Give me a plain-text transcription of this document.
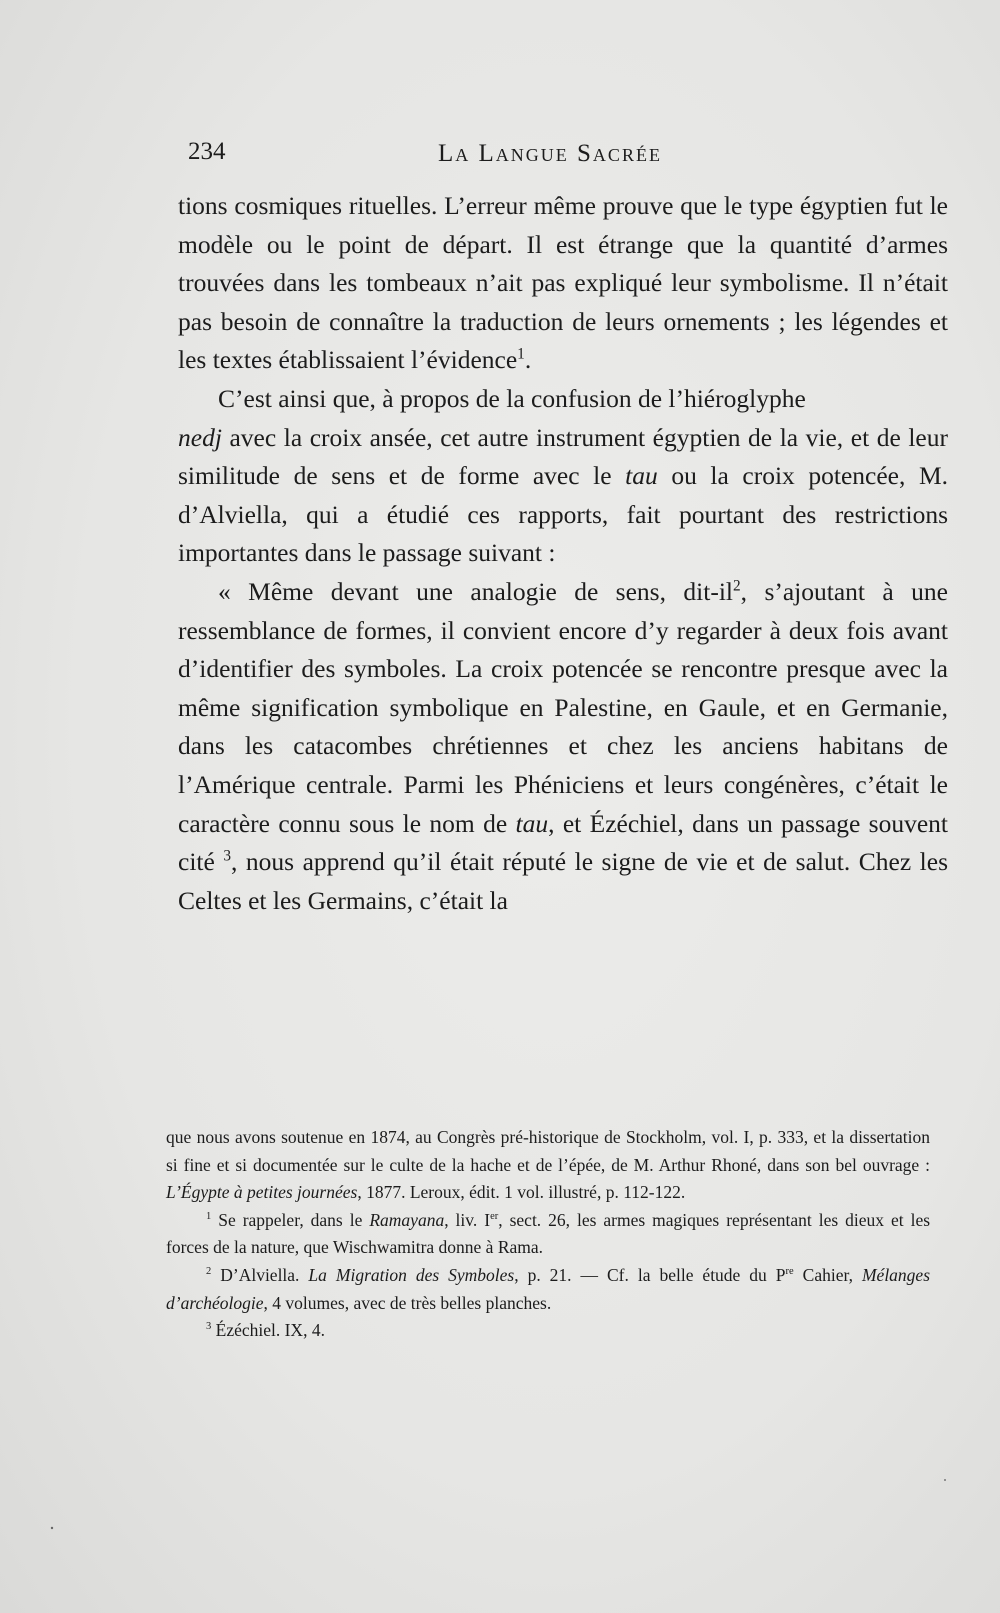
234	La Langue Sacrée

tions cosmiques rituelles. L’erreur même prouve que le type égyptien fut le modèle ou le point de départ. Il est étrange que la quantité d’armes trouvées dans les tombeaux n’ait pas expliqué leur symbolisme. Il n’était pas besoin de connaître la traduction de leurs ornements ; les légendes et les textes établissaient l’évidence$^1$.

C’est ainsi que, à propos de la confusion de l’hiéroglyphe
nedj avec la croix ansée, cet autre instrument égyptien de la vie, et de leur similitude de sens et de forme avec le tau ou la croix potencée, M. d’Alviella, qui a étudié ces rapports, fait pourtant des restrictions importantes dans le passage suivant :

« Même devant une analogie de sens, dit-$il^2$, s’ajoutant à une ressemblance de formes, il convient encore d’y regarder à deux fois avant d’identifier des symboles. La croix potencée se rencontre presque avec la même signification symbolique en Palestine, en Gaule, et en Germanie, dans les catacombes chrétiennes et chez les anciens habitans de l’Amérique centrale. Parmi les Phéniciens et leurs congénères, c’était le caractère connu sous le nom de tau, et Ézéchiel, dans un passage souvent cité $^3$, nous apprend qu’il était réputé le signe de vie et de salut. Chez les Celtes et les Germains, c’était la

que nous avons soutenue en 1874, au Congrès pré-historique de Stockholm, vol. I, p. 333, et la dissertation si fine et si documentée sur le culte de la hache et de l’épée, de M. Arthur Rhoné, dans son bel ouvrage : L’Égypte à petites journées, 1877. Leroux, édit. 1 vol. illustré, p. 112-122.

$^1$ Se rappeler, dans le Ramayana, liv. Ier, sect. 26, les armes magiques représentant les dieux et les forces de la nature, que Wischwamitra donne à Rama.

$^2$ D’Alviella. La Migration des Symboles, p. 21. — Cf. la belle étude du $P^{re}$ Cahier, Mélanges d’archéologie, 4 volumes, avec de très belles planches.

$^3$ Ézéchiel. IX, 4.
